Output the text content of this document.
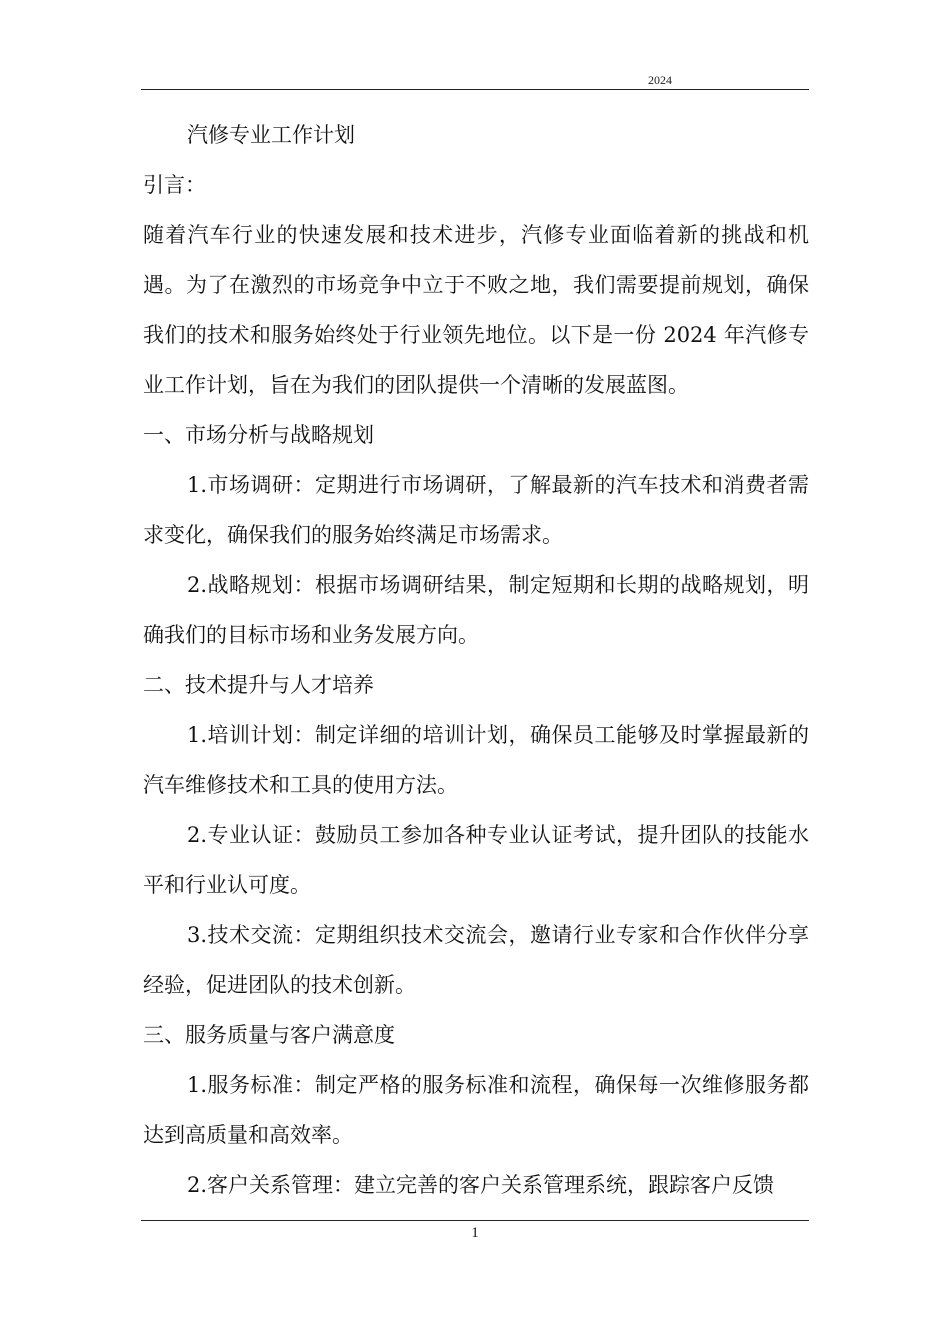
2024

汽修专业工作计划

引言：

随着汽车行业的快速发展和技术进步，汽修专业面临着新的挑战和机遇。为了在激烈的市场竞争中立于不败之地，我们需要提前规划，确保我们的技术和服务始终处于行业领先地位。以下是一份 2024 年汽修专业工作计划，旨在为我们的团队提供一个清晰的发展蓝图。

一、市场分析与战略规划

1.市场调研：定期进行市场调研，了解最新的汽车技术和消费者需求变化，确保我们的服务始终满足市场需求。

2.战略规划：根据市场调研结果，制定短期和长期的战略规划，明确我们的目标市场和业务发展方向。

二、技术提升与人才培养

1.培训计划：制定详细的培训计划，确保员工能够及时掌握最新的汽车维修技术和工具的使用方法。

2.专业认证：鼓励员工参加各种专业认证考试，提升团队的技能水平和行业认可度。

3.技术交流：定期组织技术交流会，邀请行业专家和合作伙伴分享经验，促进团队的技术创新。

三、服务质量与客户满意度

1.服务标准：制定严格的服务标准和流程，确保每一次维修服务都达到高质量和高效率。

2.客户关系管理：建立完善的客户关系管理系统，跟踪客户反馈

1
